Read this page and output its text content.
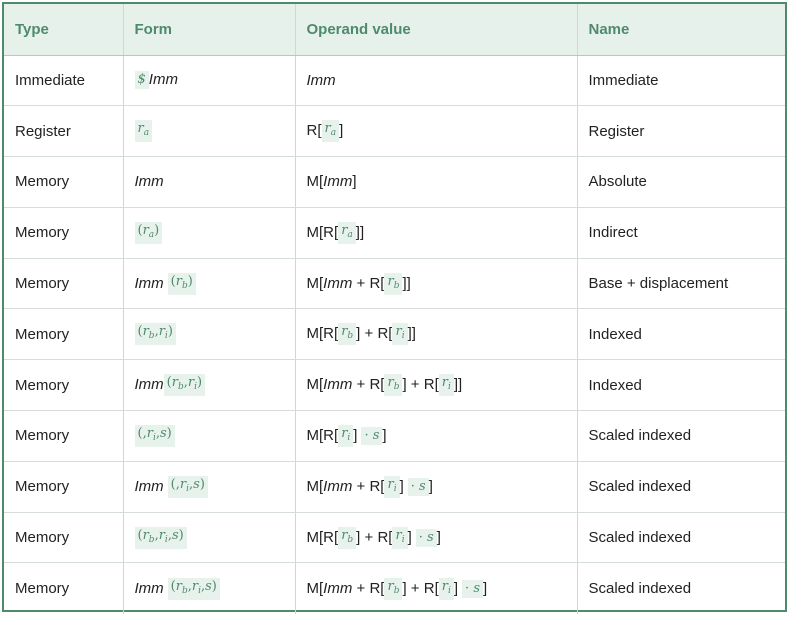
Type	Form	Operand value	Name
Immediate	$ Imm	Imm	Immediate
Register	$r_a$	R[ $r_a$ ]	Register
Memory	Imm	M[Imm]	Absolute
Memory	$(r_a)$	M[R[ $r_a$ ]]	Indirect
Memory	Imm $(r_b)$	M[Imm + R[ $r_b$ ]]	Base + displacement
Memory	$(r_b,r_i)$	M[R[ $r_b$ ] + R[ $r_i$ ]]	Indexed
Memory	Imm $(r_b,r_i)$	M[Imm + R[ $r_b$ ] + R[ $r_i$ ]]	Indexed
Memory	$(,r_i,s)$	M[R[ $r_i$ ] · s ]	Scaled indexed
Memory	Imm $(,r_i,s)$	M[Imm + R[ $r_i$ ] · s ]	Scaled indexed
Memory	$(r_b,r_i,s)$	M[R[ $r_b$ ] + R[ $r_i$ ] · s ]	Scaled indexed
Memory	Imm $(r_b,r_i,s)$	M[Imm + R[ $r_b$ ] + R[ $r_i$ ] · s ]	Scaled indexed
